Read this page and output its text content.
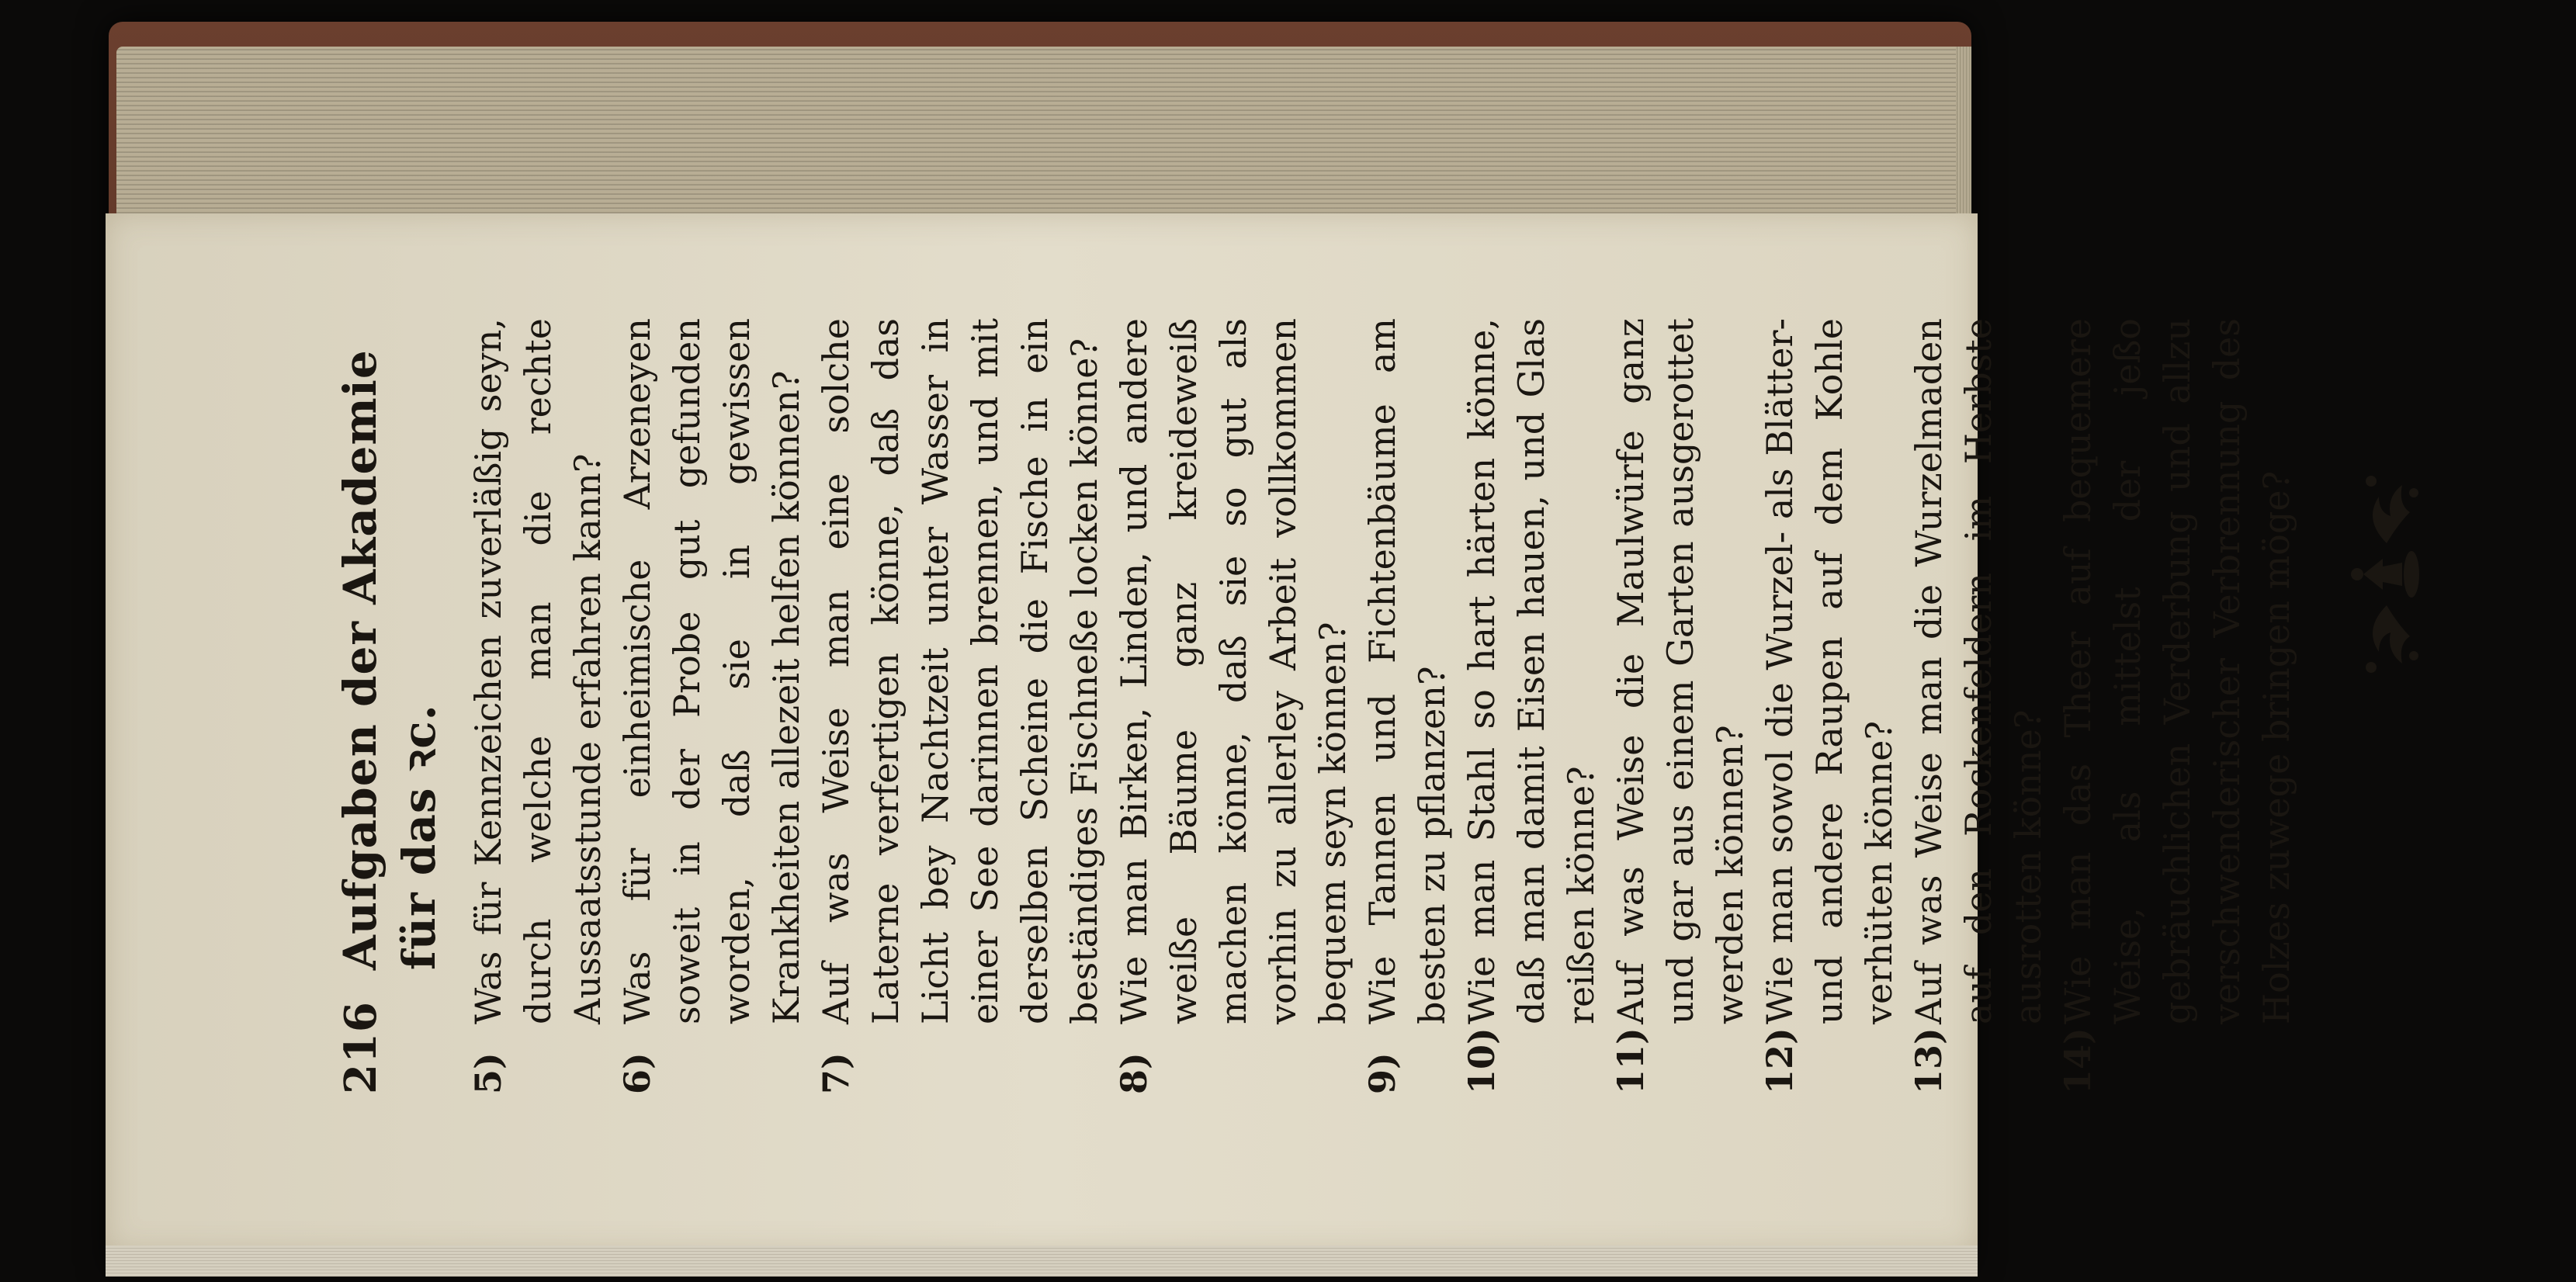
216
Aufgaben der Akademie für das ꝛc.
5)
Was für Kennzeichen zuverläßig seyn, durch welche man die rechte Aussaatsstunde erfahren kann?
6)
Was für einheimische Arzeneyen soweit in der Probe gut gefunden worden, daß sie in gewissen Krankheiten allezeit helfen können?
7)
Auf was Weise man eine solche Laterne verfertigen könne, daß das Licht bey Nachtzeit unter Wasser in einer See darinnen brennen, und mit derselben Scheine die Fische in ein beständiges Fischneße locken könne?
8)
Wie man Birken, Linden, und andere weiße Bäume ganz kreideweiß machen könne, daß sie so gut als vorhin zu allerley Arbeit vollkommen bequem seyn können?
9)
Wie Tannen und Fichtenbäume am besten zu pflanzen?
10)
Wie man Stahl so hart härten könne, daß man damit Eisen hauen, und Glas reißen könne?
11)
Auf was Weise die Maulwürfe ganz und gar aus einem Garten ausgerottet werden können?
12)
Wie man sowol die Wurzel- als Blätter- und andere Raupen auf dem Kohle verhüten könne?
13)
Auf was Weise man die Wurzelmaden auf den Rockenfeldern im Herbste ausrotten könne?
14)
Wie man das Theer auf bequemere Weise, als mittelst der jeßo gebräuchlichen Verderbung und allzu verschwenderischer Verbrennung des Holzes zuwege bringen möge?
